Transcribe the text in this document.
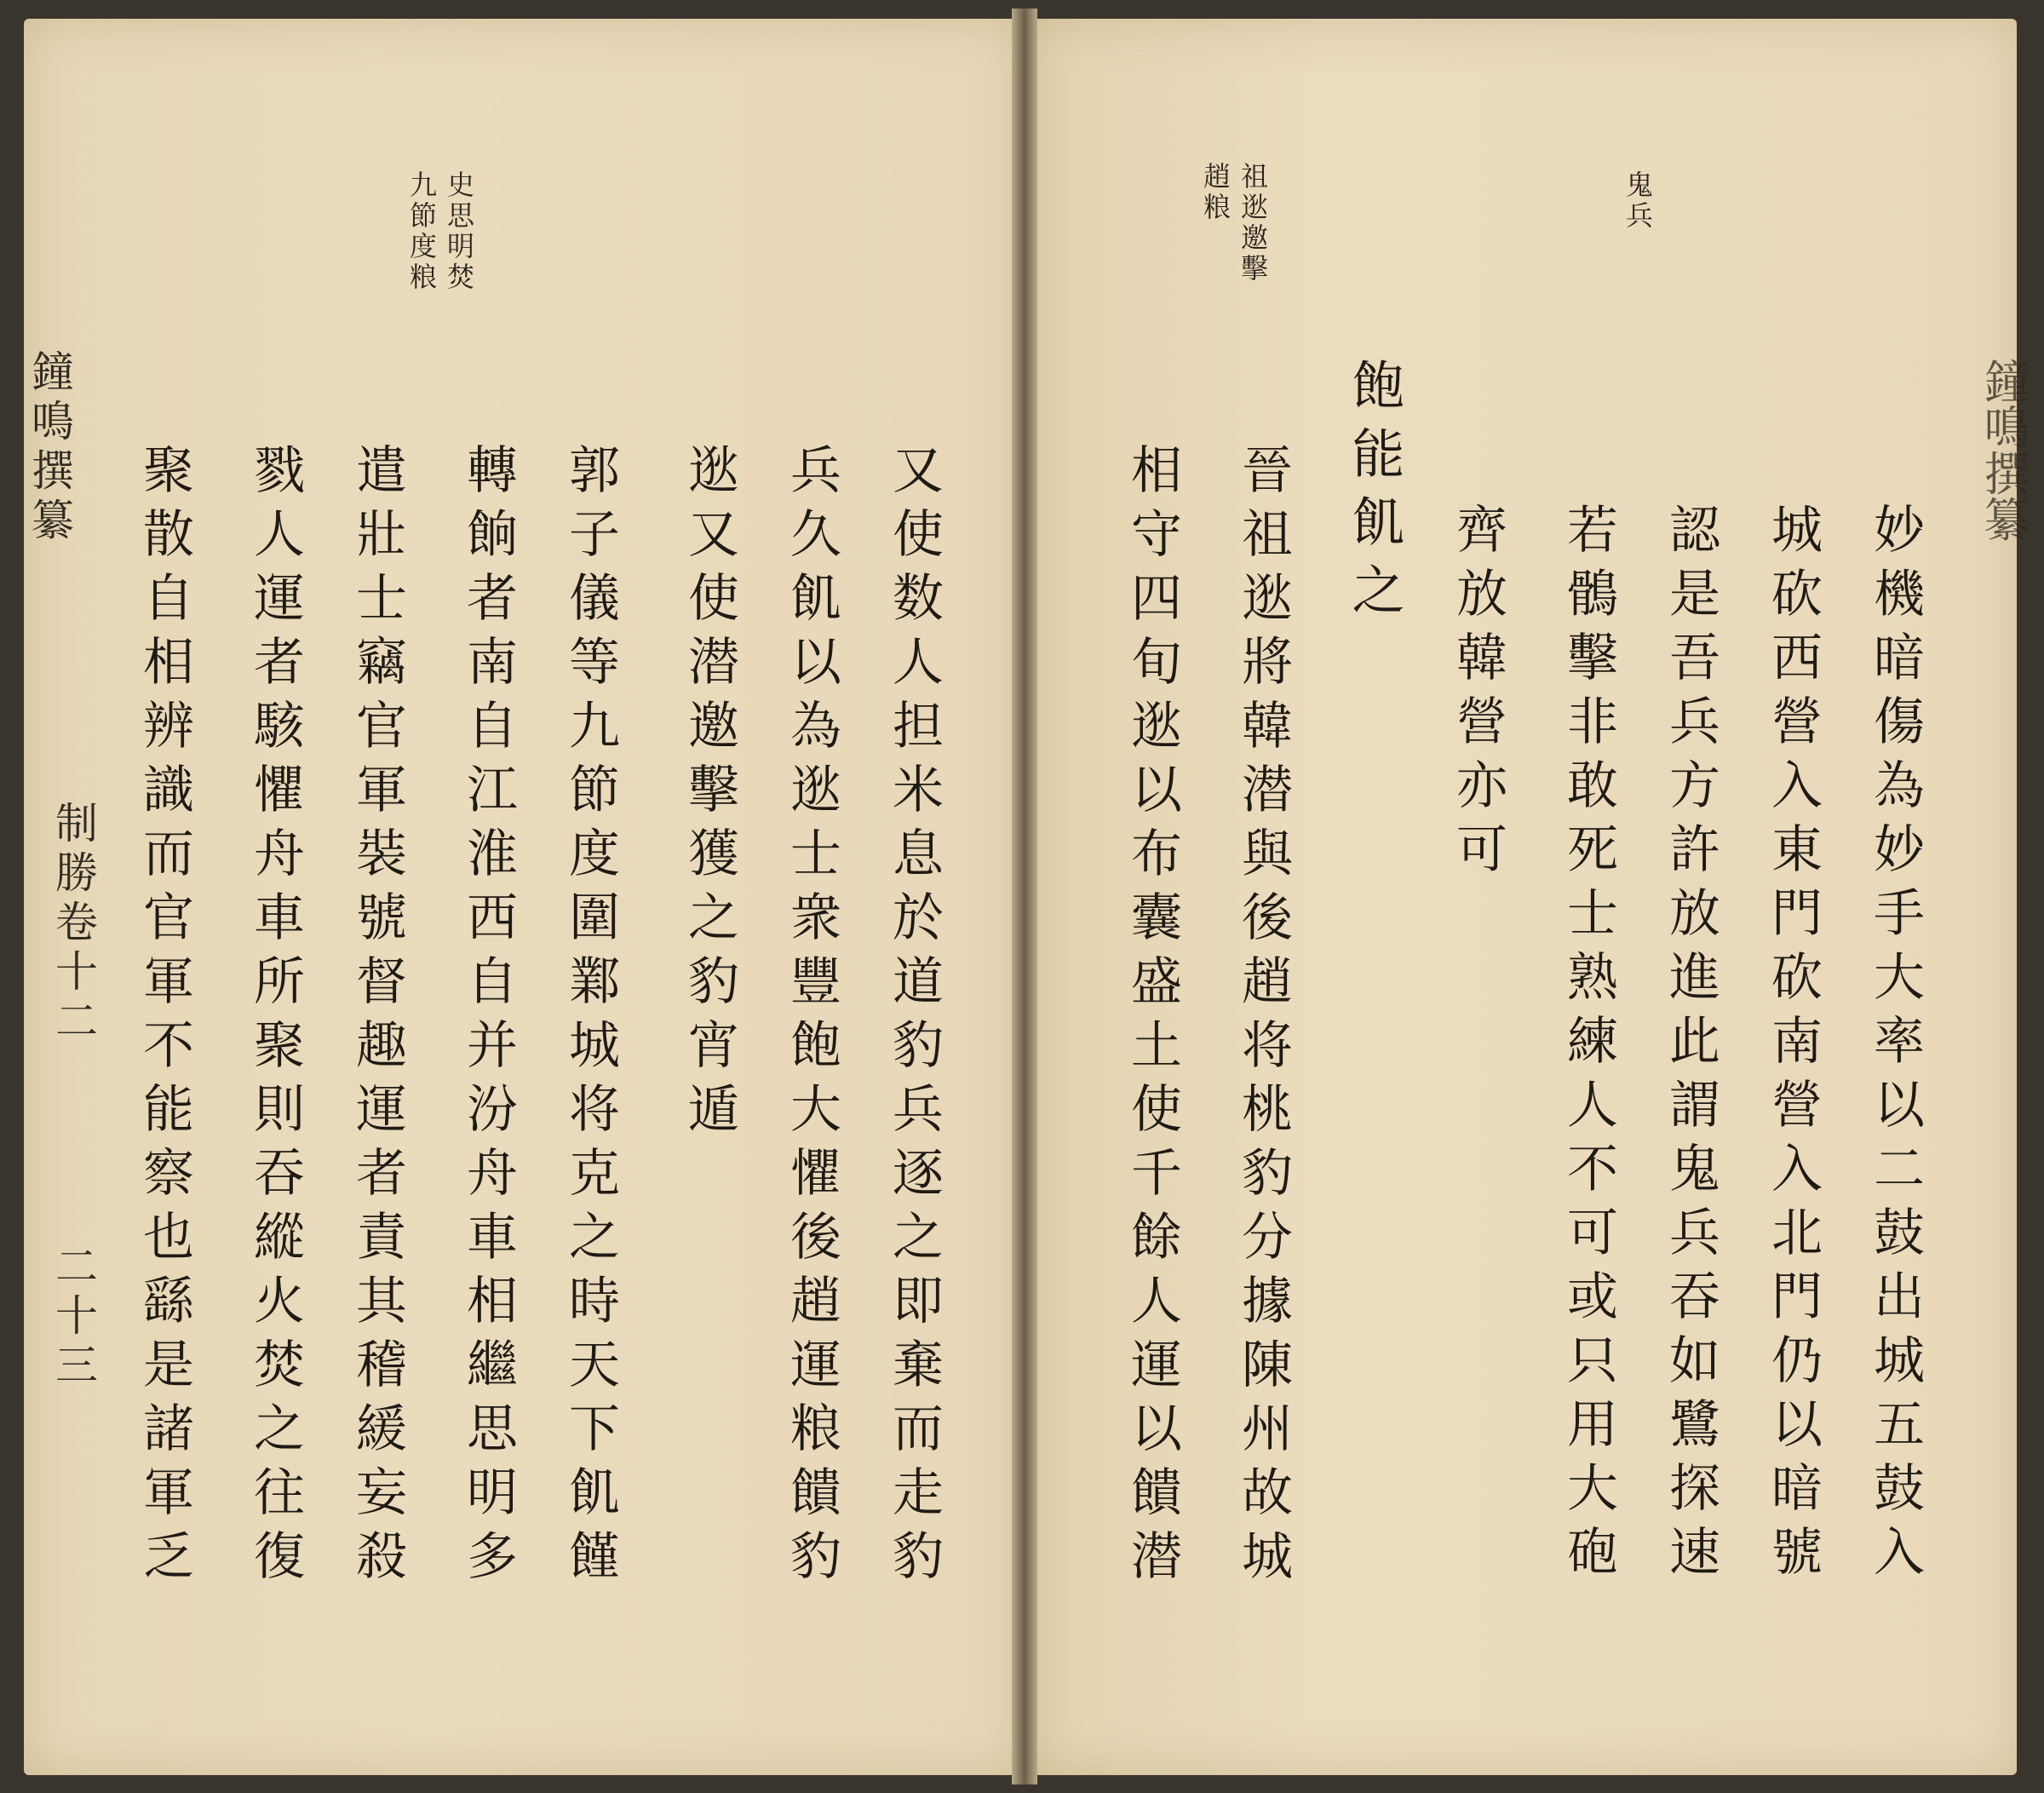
鐘鳴撰纂
制勝卷十二
二十三
史思明焚
九節度粮
又使数人担米息於道豹兵逐之即棄而走豹
兵久飢以為逖士衆豐飽大懼後趙運粮饋豹
逖又使潜邀擊獲之豹宵遁
郭子儀等九節度圍鄴城将克之時天下飢饉
轉餉者南自江淮西自并汾舟車相繼思明多
遣壯士竊官軍裝號督趣運者責其稽緩妄殺
戮人運者駭懼舟車所聚則吞縱火焚之往復
聚散自相辨識而官軍不能察也繇是諸軍乏	鐘鳴撰纂
鬼兵
祖逖邀擊
趙粮
妙機暗傷為妙手大率以二鼓出城五鼓入
城砍西營入東門砍南營入北門仍以暗號
認是吾兵方許放進此謂鬼兵吞如鷺探速
若鶻擊非敢死士熟練人不可或只用大砲
齊放韓營亦可
飽能飢之
晉祖逖將韓潜與後趙将桃豹分據陳州故城
相守四旬逖以布囊盛土使千餘人運以饋潜
